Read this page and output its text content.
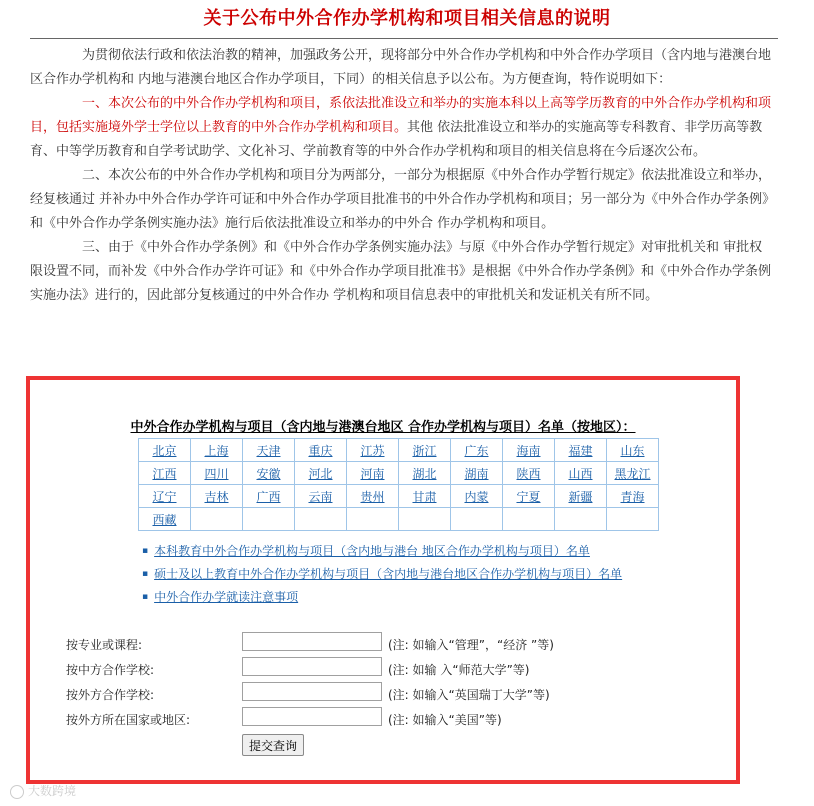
关于公布中外合作办学机构和项目相关信息的说明

为贯彻依法行政和依法治教的精神，加强政务公开，现将部分中外合作办学机构和中外合作办学项目（含内地与港澳台地区合作办学机构和 内地与港澳台地区合作办学项目，下同）的相关信息予以公布。为方便查询，特作说明如下：

一、本次公布的中外合作办学机构和项目，系依法批准设立和举办的实施本科以上高等学历教育的中外合作办学机构和项目，包括实施境外学士学位以上教育的中外合作办学机构和项目。其他 依法批准设立和举办的实施高等专科教育、非学历高等教育、中等学历教育和自学考试助学、文化补习、学前教育等的中外合作办学机构和项目的相关信息将在今后逐次公布。

二、本次公布的中外合作办学机构和项目分为两部分，一部分为根据原《中外合作办学暂行规定》依法批准设立和举办，经复核通过 并补办中外合作办学许可证和中外合作办学项目批准书的中外合作办学机构和项目；另一部分为《中外合作办学条例》和《中外合作办学条例实施办法》施行后依法批准设立和举办的中外合 作办学机构和项目。

三、由于《中外合作办学条例》和《中外合作办学条例实施办法》与原《中外合作办学暂行规定》对审批机关和 审批权限设置不同，而补发《中外合作办学许可证》和《中外合作办学项目批准书》是根据《中外合作办学条例》和《中外合作办学条例实施办法》进行的，因此部分复核通过的中外合作办 学机构和项目信息表中的审批机关和发证机关有所不同。

中外合作办学机构与项目（含内地与港澳台地区 合作办学机构与项目）名单（按地区）：
北京	上海	天津	重庆	江苏	浙江	广东	海南	福建	山东
江西	四川	安徽	河北	河南	湖北	湖南	陕西	山西	黑龙江
辽宁	吉林	广西	云南	贵州	甘肃	内蒙	宁夏	新疆	青海
西藏									
▪ 本科教育中外合作办学机构与项目（含内地与港台 地区合作办学机构与项目）名单
▪ 硕士及以上教育中外合作办学机构与项目（含内地与港台地区合作办学机构与项目）名单
▪ 中外合作办学就读注意事项
按专业或课程:	(注: 如输入“管理”，“经济 ”等)
按中方合作学校:	(注: 如输 入“师范大学”等)
按外方合作学校:	(注: 如输入“英国瑞丁大学”等)
按外方所在国家或地区:	(注: 如输入“美国”等)
提交查询
大数跨境
